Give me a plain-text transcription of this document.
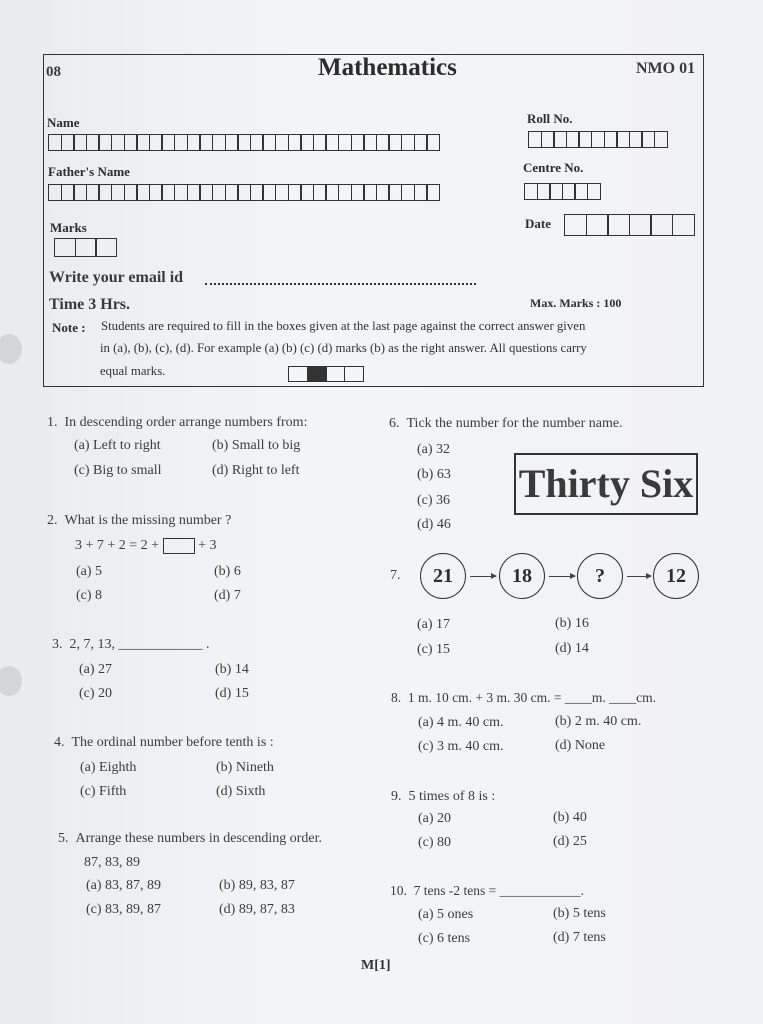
08	Mathematics	NMO 01
Name	Roll No.
Father's Name	Centre No.
Marks	Date
Write your email id
Time 3 Hrs.	Max. Marks : 100
Note : Students are required to fill in the boxes given at the last page against the correct answer given
in (a), (b), (c), (d). For example (a) (b) (c) (d) marks (b) as the right answer. All questions carry
equal marks.
1. In descending order arrange numbers from:
(a) Left to right	(b) Small to big
(c) Big to small	(d) Right to left
2. What is the missing number ?
3 + 7 + 2 = 2 +	+ 3
(a) 5	(b) 6
(c) 8	(d) 7
3. 2, 7, 13, ____________ .
(a) 27	(b) 14
(c) 20	(d) 15
4. The ordinal number before tenth is :
(a) Eighth	(b) Nineth
(c) Fifth	(d) Sixth
5. Arrange these numbers in descending order.
87, 83, 89
(a) 83, 87, 89	(b) 89, 83, 87
(c) 83, 89, 87	(d) 89, 87, 83
6. Tick the number for the number name.
(a) 32
(b) 63
(c) 36
(d) 46
Thirty Six
7.	21	18	?	12
(a) 17	(b) 16
(c) 15	(d) 14
8. 1 m. 10 cm. + 3 m. 30 cm. = ____m. ____cm.
(a) 4 m. 40 cm.	(b) 2 m. 40 cm.
(c) 3 m. 40 cm.	(d) None
9. 5 times of 8 is :
(a) 20	(b) 40
(c) 80	(d) 25
10. 7 tens -2 tens = ____________.
(a) 5 ones	(b) 5 tens
(c) 6 tens	(d) 7 tens
M[1]
